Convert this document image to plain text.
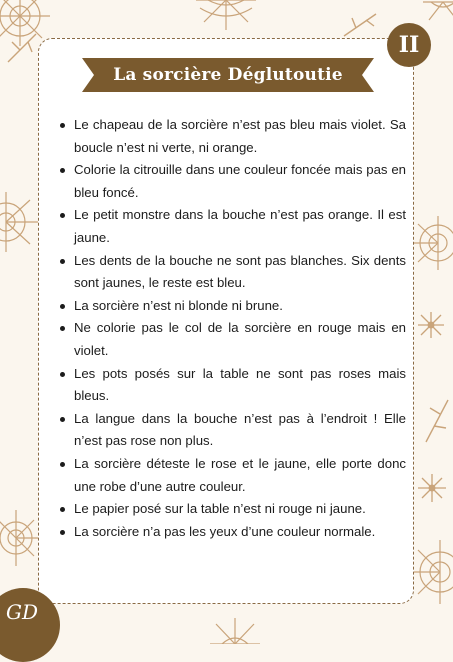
La sorcière Déglutoutie
II
Le chapeau de la sorcière n’est pas bleu mais violet. Sa boucle n’est ni verte, ni orange.
Colorie la citrouille dans une couleur foncée mais pas en bleu foncé.
Le petit monstre dans la bouche n’est pas orange. Il est jaune.
Les dents de la bouche ne sont pas blanches. Six dents sont jaunes, le reste est bleu.
La sorcière n’est ni blonde ni brune.
Ne colorie pas le col de la sorcière en rouge mais en violet.
Les pots posés sur la table ne sont pas roses mais bleus.
La langue dans la bouche n’est pas à l’endroit ! Elle n’est pas rose non plus.
La sorcière déteste le rose et le jaune, elle porte donc une robe d’une autre couleur.
Le papier posé sur la table n’est ni rouge ni jaune.
La sorcière n’a pas les yeux d’une couleur normale.
GD
